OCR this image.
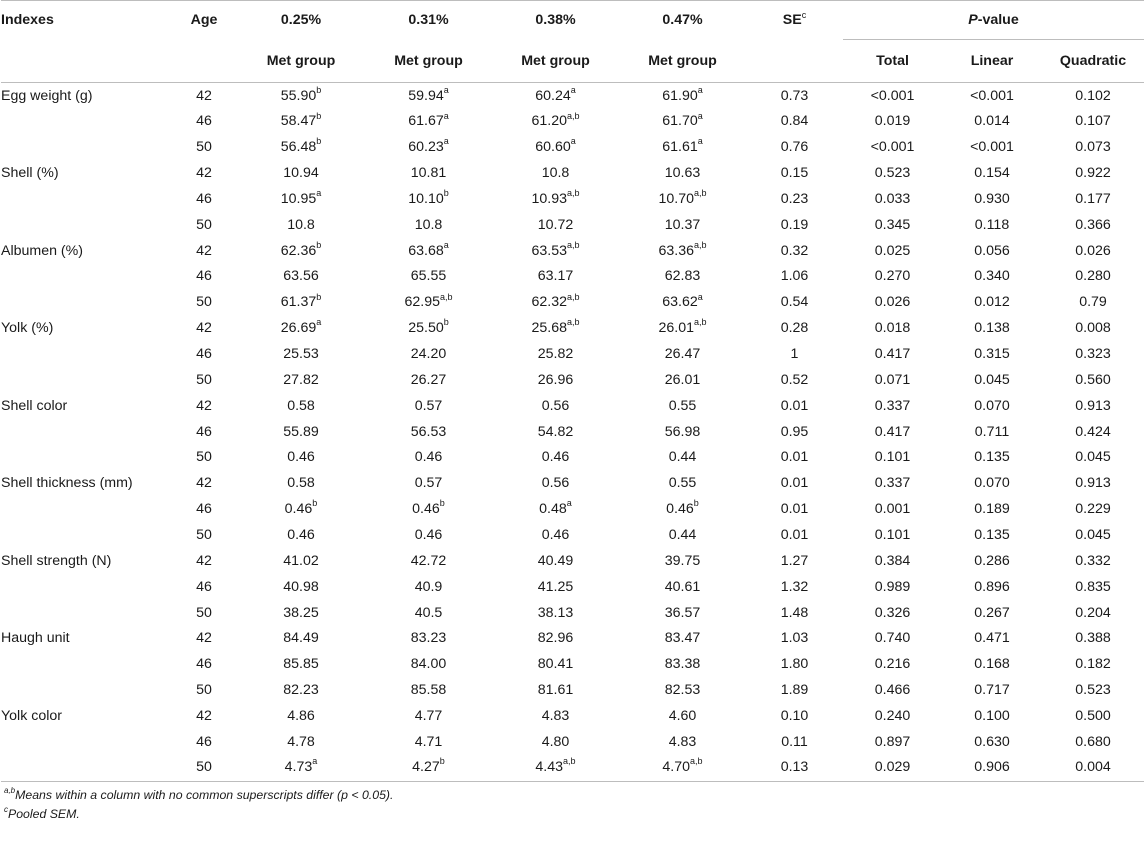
Indexes	Age	0.25%	0.31%	0.38%	0.47%	$SE^c$	P-value		
		Met group	Met group	Met group	Met group		Total	Linear	Quadratic
Egg weight (g)	42	55.90$^b$	59.94$^a$	60.24$^a$	61.90$^a$	0.73	<0.001	<0.001	0.102
	46	58.47$^b$	61.67$^a$	61.20$^{a,b}$	61.70$^a$	0.84	0.019	0.014	0.107
	50	56.48$^b$	60.23$^a$	60.60$^a$	61.61$^a$	0.76	<0.001	<0.001	0.073
Shell (%)	42	10.94	10.81	10.8	10.63	0.15	0.523	0.154	0.922
	46	10.95$^a$	10.10$^b$	10.93$^{a,b}$	10.70$^{a,b}$	0.23	0.033	0.930	0.177
	50	10.8	10.8	10.72	10.37	0.19	0.345	0.118	0.366
Albumen (%)	42	62.36$^b$	63.68$^a$	63.53$^{a,b}$	63.36$^{a,b}$	0.32	0.025	0.056	0.026
	46	63.56	65.55	63.17	62.83	1.06	0.270	0.340	0.280
	50	61.37$^b$	62.95$^{a,b}$	62.32$^{a,b}$	63.62$^a$	0.54	0.026	0.012	0.79
Yolk (%)	42	26.69$^a$	25.50$^b$	25.68$^{a,b}$	26.01$^{a,b}$	0.28	0.018	0.138	0.008
	46	25.53	24.20	25.82	26.47	1	0.417	0.315	0.323
	50	27.82	26.27	26.96	26.01	0.52	0.071	0.045	0.560
Shell color	42	0.58	0.57	0.56	0.55	0.01	0.337	0.070	0.913
	46	55.89	56.53	54.82	56.98	0.95	0.417	0.711	0.424
	50	0.46	0.46	0.46	0.44	0.01	0.101	0.135	0.045
Shell thickness (mm)	42	0.58	0.57	0.56	0.55	0.01	0.337	0.070	0.913
	46	0.46$^b$	0.46$^b$	0.48$^a$	0.46$^b$	0.01	0.001	0.189	0.229
	50	0.46	0.46	0.46	0.44	0.01	0.101	0.135	0.045
Shell strength (N)	42	41.02	42.72	40.49	39.75	1.27	0.384	0.286	0.332
	46	40.98	40.9	41.25	40.61	1.32	0.989	0.896	0.835
	50	38.25	40.5	38.13	36.57	1.48	0.326	0.267	0.204
Haugh unit	42	84.49	83.23	82.96	83.47	1.03	0.740	0.471	0.388
	46	85.85	84.00	80.41	83.38	1.80	0.216	0.168	0.182
	50	82.23	85.58	81.61	82.53	1.89	0.466	0.717	0.523
Yolk color	42	4.86	4.77	4.83	4.60	0.10	0.240	0.100	0.500
	46	4.78	4.71	4.80	4.83	0.11	0.897	0.630	0.680
	50	4.73$^a$	4.27$^b$	4.43$^{a,b}$	4.70$^{a,b}$	0.13	0.029	0.906	0.004
$^{a,b}$Means within a column with no common superscripts differ (p < 0.05).
$^c$Pooled SEM.
